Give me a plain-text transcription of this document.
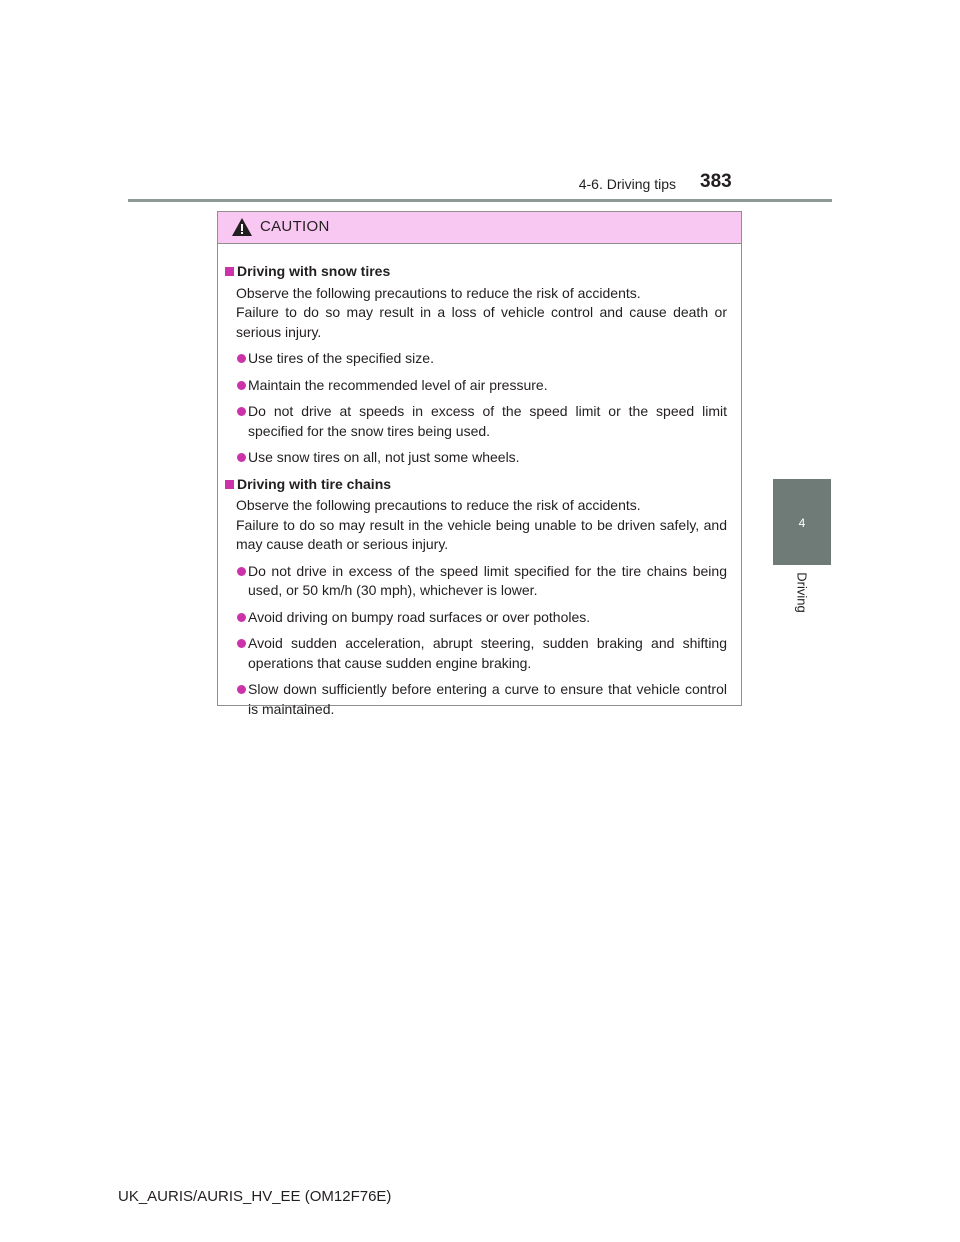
4-6. Driving tips 383
4
Driving
CAUTION
Driving with snow tires
Observe the following precautions to reduce the risk of accidents.
Failure to do so may result in a loss of vehicle control and cause death or serious injury.
Use tires of the specified size.
Maintain the recommended level of air pressure.
Do not drive at speeds in excess of the speed limit or the speed limit specified for the snow tires being used.
Use snow tires on all, not just some wheels.
Driving with tire chains
Observe the following precautions to reduce the risk of accidents.
Failure to do so may result in the vehicle being unable to be driven safely, and may cause death or serious injury.
Do not drive in excess of the speed limit specified for the tire chains being used, or 50 km/h (30 mph), whichever is lower.
Avoid driving on bumpy road surfaces or over potholes.
Avoid sudden acceleration, abrupt steering, sudden braking and shifting operations that cause sudden engine braking.
Slow down sufficiently before entering a curve to ensure that vehicle control is maintained.
UK_AURIS/AURIS_HV_EE (OM12F76E)
